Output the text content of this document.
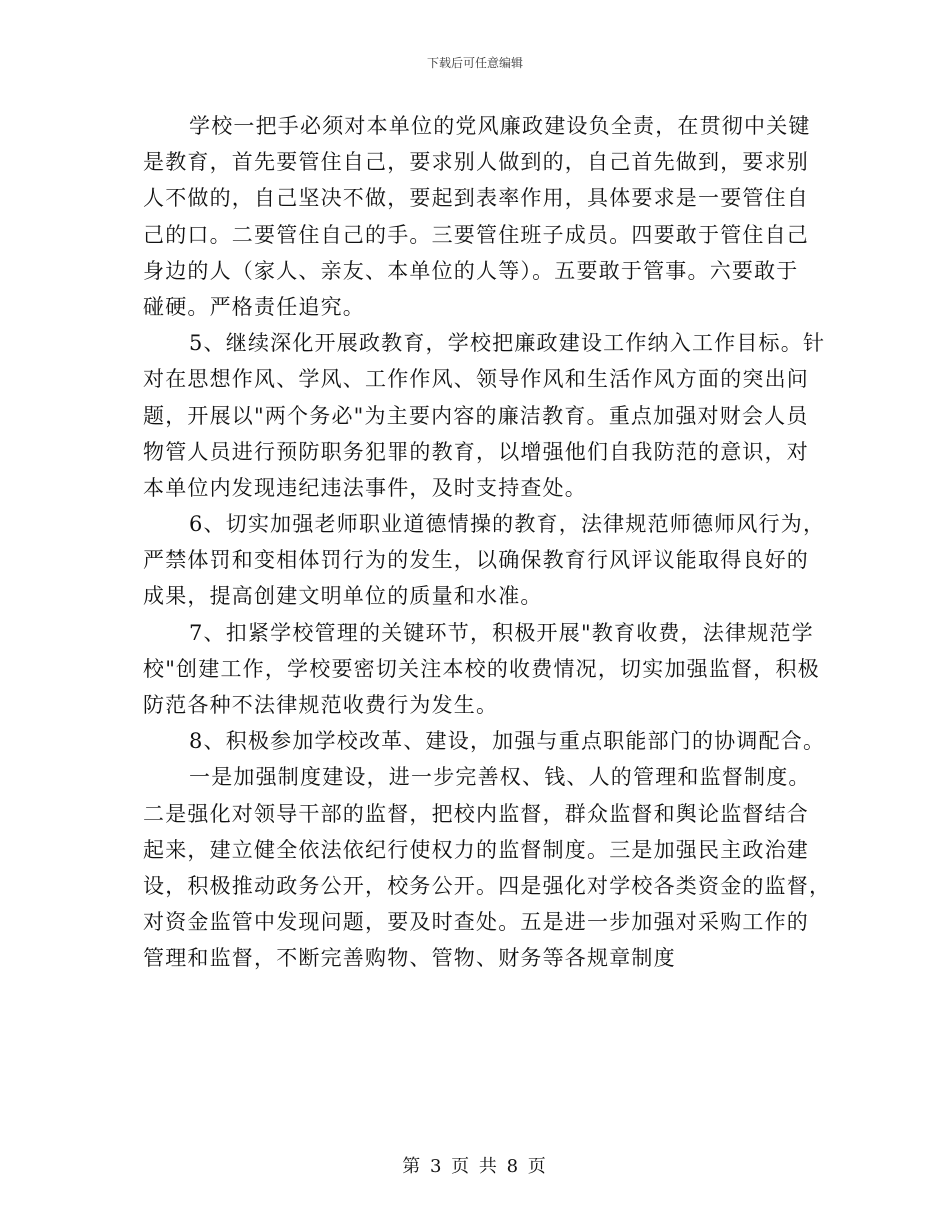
下载后可任意编辑
学校一把手必须对本单位的党风廉政建设负全责，在贯彻中关键
是教育，首先要管住自己，要求别人做到的，自己首先做到，要求别
人不做的，自己坚决不做，要起到表率作用，具体要求是一要管住自
己的口。二要管住自己的手。三要管住班子成员。四要敢于管住自己
身边的人（家人、亲友、本单位的人等）。五要敢于管事。六要敢于
碰硬。严格责任追究。
5、继续深化开展政教育，学校把廉政建设工作纳入工作目标。针
对在思想作风、学风、工作作风、领导作风和生活作风方面的突出问
题，开展以"两个务必"为主要内容的廉洁教育。重点加强对财会人员
物管人员进行预防职务犯罪的教育，以增强他们自我防范的意识，对
本单位内发现违纪违法事件，及时支持查处。
6、切实加强老师职业道德情操的教育，法律规范师德师风行为，
严禁体罚和变相体罚行为的发生，以确保教育行风评议能取得良好的
成果，提高创建文明单位的质量和水准。
7、扣紧学校管理的关键环节，积极开展"教育收费，法律规范学
校"创建工作，学校要密切关注本校的收费情况，切实加强监督，积极
防范各种不法律规范收费行为发生。
8、积极参加学校改革、建设，加强与重点职能部门的协调配合。
一是加强制度建设，进一步完善权、钱、人的管理和监督制度。
二是强化对领导干部的监督，把校内监督，群众监督和舆论监督结合
起来，建立健全依法依纪行使权力的监督制度。三是加强民主政治建
设，积极推动政务公开，校务公开。四是强化对学校各类资金的监督，
对资金监管中发现问题，要及时查处。五是进一步加强对采购工作的
管理和监督，不断完善购物、管物、财务等各规章制度
第 3 页 共 8 页
